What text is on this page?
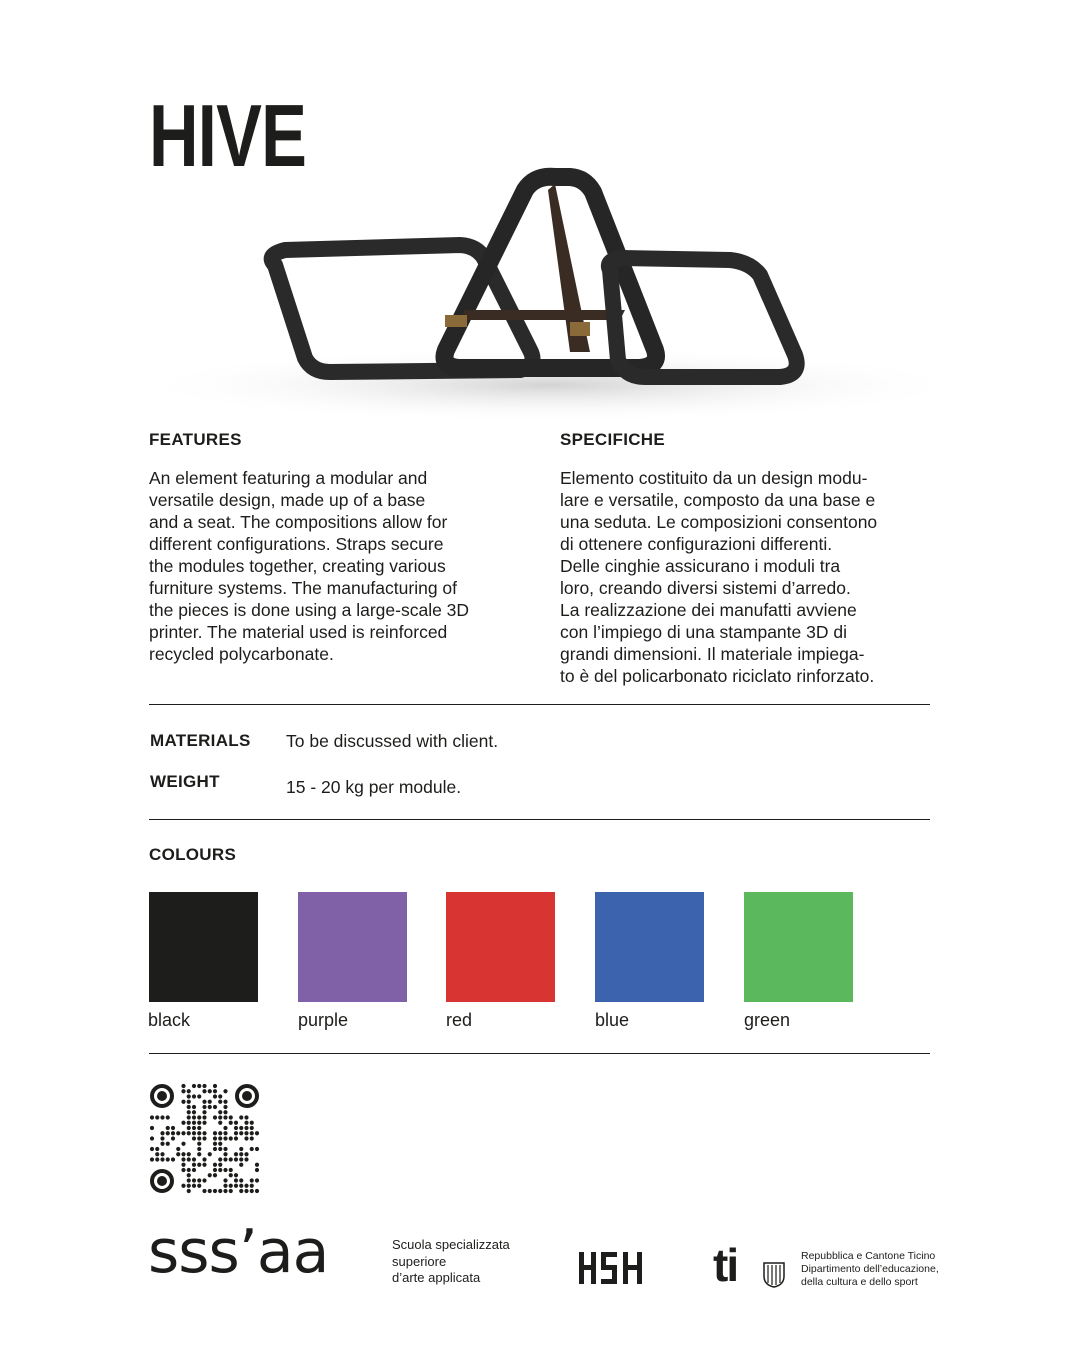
HIVE
FEATURES	SPECIFICHE
An element featuring a modular and
versatile design, made up of a base
and a seat. The compositions allow for
different configurations. Straps secure
the modules together, creating various
furniture systems. The manufacturing of
the pieces is done using a large-scale 3D
printer. The material used is reinforced
recycled polycarbonate.
Elemento costituito da un design modu-
lare e versatile, composto da una base e
una seduta. Le composizioni consentono
di ottenere configurazioni differenti.
Delle cinghie assicurano i moduli tra
loro, creando diversi sistemi d’arredo.
La realizzazione dei manufatti avviene
con l’impiego di una stampante 3D di
grandi dimensioni. Il materiale impiega-
to è del policarbonato riciclato rinforzato.
MATERIALS To be discussed with client.
WEIGHT	15 - 20 kg per module.
COLOURS
black	purple	red	blue	green
sss’aa	Scuola specializzata
superiore
d’arte applicata	ti	Repubblica e Cantone Ticino
Dipartimento dell’educazione,
della cultura e dello sport
